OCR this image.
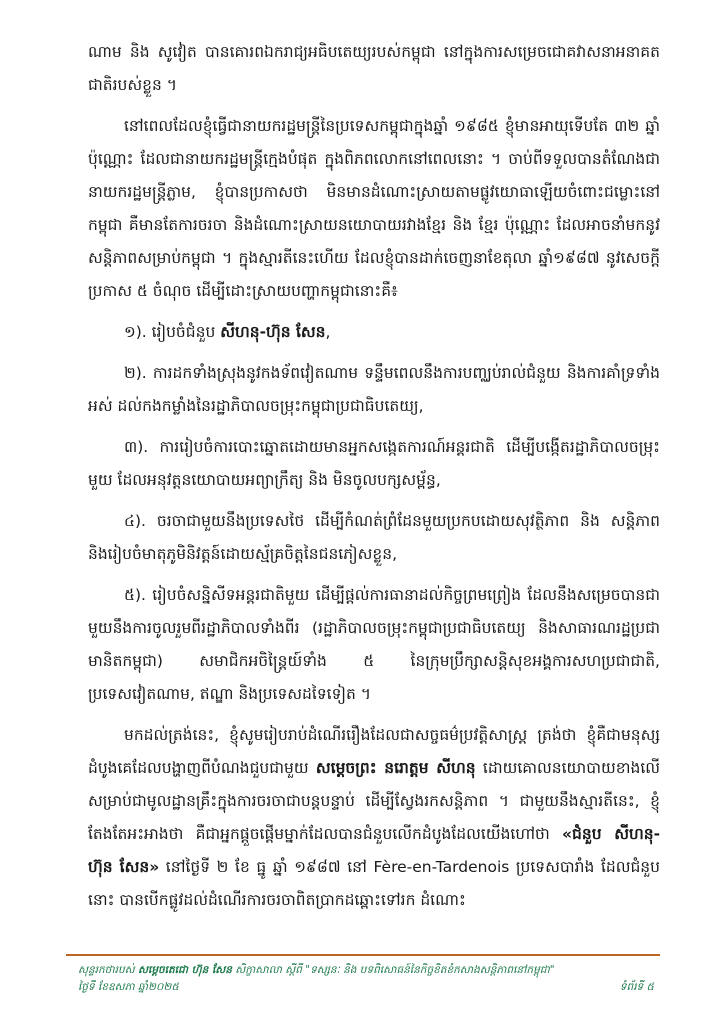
ណាម និង សូវៀត បានគោរពឯករាជ្យអធិបតេយ្យរបស់កម្ពុជា នៅក្នុងការសម្រេចជោគវាសនាអនាគតជាតិរបស់ខ្លួន ។

នៅពេលដែលខ្ញុំធ្វើជានាយករដ្ឋមន្ត្រីនៃប្រទេសកម្ពុជាក្នុងឆ្នាំ ១៩៨៥ ខ្ញុំមានអាយុទើបតែ ៣២ ឆ្នាំ ប៉ុណ្ណោះ ដែលជានាយករដ្ឋមន្ត្រីក្មេងបំផុត ក្នុងពិភពលោកនៅពេលនោះ ។ ចាប់ពីទទួលបានតំណែងជានាយករដ្ឋមន្ត្រីភ្លាម, ខ្ញុំបានប្រកាសថា មិនមានដំណោះស្រាយតាមផ្លូវយោធាឡើយចំពោះជម្លោះនៅកម្ពុជា គឺមានតែការចរចា និងដំណោះស្រាយនយោបាយរវាងខ្មែរ និង ខ្មែរ ប៉ុណ្ណោះ ដែលអាចនាំមកនូវសន្តិភាពសម្រាប់កម្ពុជា ។ ក្នុងស្មារតីនេះហើយ ដែលខ្ញុំបានដាក់ចេញនាខែតុលា ឆ្នាំ១៩៨៧ នូវសេចក្ដីប្រកាស ៥ ចំណុច ដើម្បីដោះស្រាយបញ្ហាកម្ពុជានោះគឺ៖

១). រៀបចំជំនួប សីហនុ-ហ៊ុន សែន,

២). ការដកទាំងស្រុងនូវកងទ័ពវៀតណាម ទន្ទឹមពេលនឹងការបញ្ឈប់រាល់ជំនួយ និងការគាំទ្រទាំងអស់ ដល់កងកម្លាំងនៃរដ្ឋាភិបាលចម្រុះកម្ពុជាប្រជាធិបតេយ្យ,

៣). ការរៀបចំការបោះឆ្នោតដោយមានអ្នកសង្កេតការណ៍អន្តរជាតិ ដើម្បីបង្កើតរដ្ឋាភិបាលចម្រុះមួយ ដែលអនុវត្តនយោបាយអព្យាក្រឹត្យ និង មិនចូលបក្សសម្ព័ន្ធ,

៤). ចរចាជាមួយនឹងប្រទេសថៃ ដើម្បីកំណត់ព្រំដែនមួយប្រកបដោយសុវត្ថិភាព និង សន្តិភាព និងរៀបចំមាតុភូមិនិវត្តន៍ដោយស្ម័គ្រចិត្តនៃជនភៀសខ្លួន,

៥). រៀបចំសន្និសីទអន្តរជាតិមួយ ដើម្បីផ្ដល់ការធានាដល់កិច្ចព្រមព្រៀង ដែលនឹងសម្រេចបានជាមួយនឹងការចូលរួមពីរដ្ឋាភិបាលទាំងពីរ (រដ្ឋាភិបាលចម្រុះកម្ពុជាប្រជាធិបតេយ្យ និងសាធារណរដ្ឋប្រជាមានិតកម្ពុជា) សមាជិកអចិន្ត្រៃយ៍ទាំង ៥ នៃក្រុមប្រឹក្សាសន្តិសុខអង្គការសហប្រជាជាតិ, ប្រទេសវៀតណាម, ឥណ្ឌា និងប្រទេសដទៃទៀត ។

មកដល់ត្រង់នេះ, ខ្ញុំសូមរៀបរាប់ដំណើររឿងដែលជាសច្ចធម៌ប្រវត្តិសាស្ត្រ ត្រង់ថា ខ្ញុំគឺជាមនុស្សដំបូងគេដែលបង្ហាញពីបំណងជួបជាមួយ សម្ដេចព្រះ នរោត្តម សីហនុ ដោយគោលនយោបាយខាងលើ សម្រាប់ជាមូលដ្ឋានគ្រឹះក្នុងការចរចាជាបន្តបន្ទាប់ ដើម្បីស្វែងរកសន្តិភាព ។ ជាមួយនឹងស្មារតីនេះ, ខ្ញុំតែងតែអះអាងថា គឺជាអ្នកផ្ដួចផ្ដើមម្នាក់ដែលបានជំនួបលើកដំបូងដែលយើងហៅថា «ជំនួប សីហនុ- ហ៊ុន សែន» នៅថ្ងៃទី ២ ខែ ធ្នូ ឆ្នាំ ១៩៨៧ នៅ Fère-en-Tardenois ប្រទេសបារាំង ដែលជំនួបនោះ បានបើកផ្លូវដល់ដំណើរការចរចាពិតប្រាកដឆ្ពោះទៅរក ដំណោះ

សុន្ទរកថារបស់ សម្ដេចតេជោ ហ៊ុន សែន សិក្ខាសាលា ស្ដីពី "ទស្សនៈ និង បទពិសោធន៍នៃកិច្ចខិតខំកសាងសន្តិភាពនៅកម្ពុជា"
ថ្ងៃទី ខែឧសភា ឆ្នាំ២០២៥	ទំព័រទី ៥
